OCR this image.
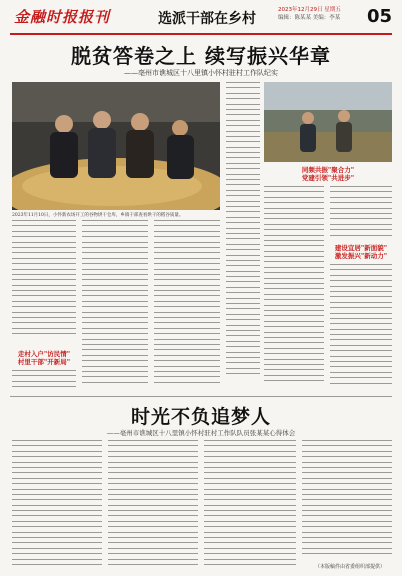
金融时报报刊	选派干部在乡村
2023年12月29日 星期五
编辑：陈某某 美编：李某 05
脱贫答卷之上 续写振兴华章
——亳州市谯城区十八里镇小怀村驻村工作队纪实
2023年11月10日，小怀新农场开工的谷物烘干仓库，乡镇干部查看烘干的稻谷质量。
走村入户"访民情"
村里干部"开新局"
同频共振"聚合力"
党建引领"共进步"
建设宜居"新面貌"
激发振兴"新动力"
时光不负追梦人
——亳州市谯城区十八里镇小怀村驻村工作队队员张某某心得体会
（本版稿件由省委组织部提供）
